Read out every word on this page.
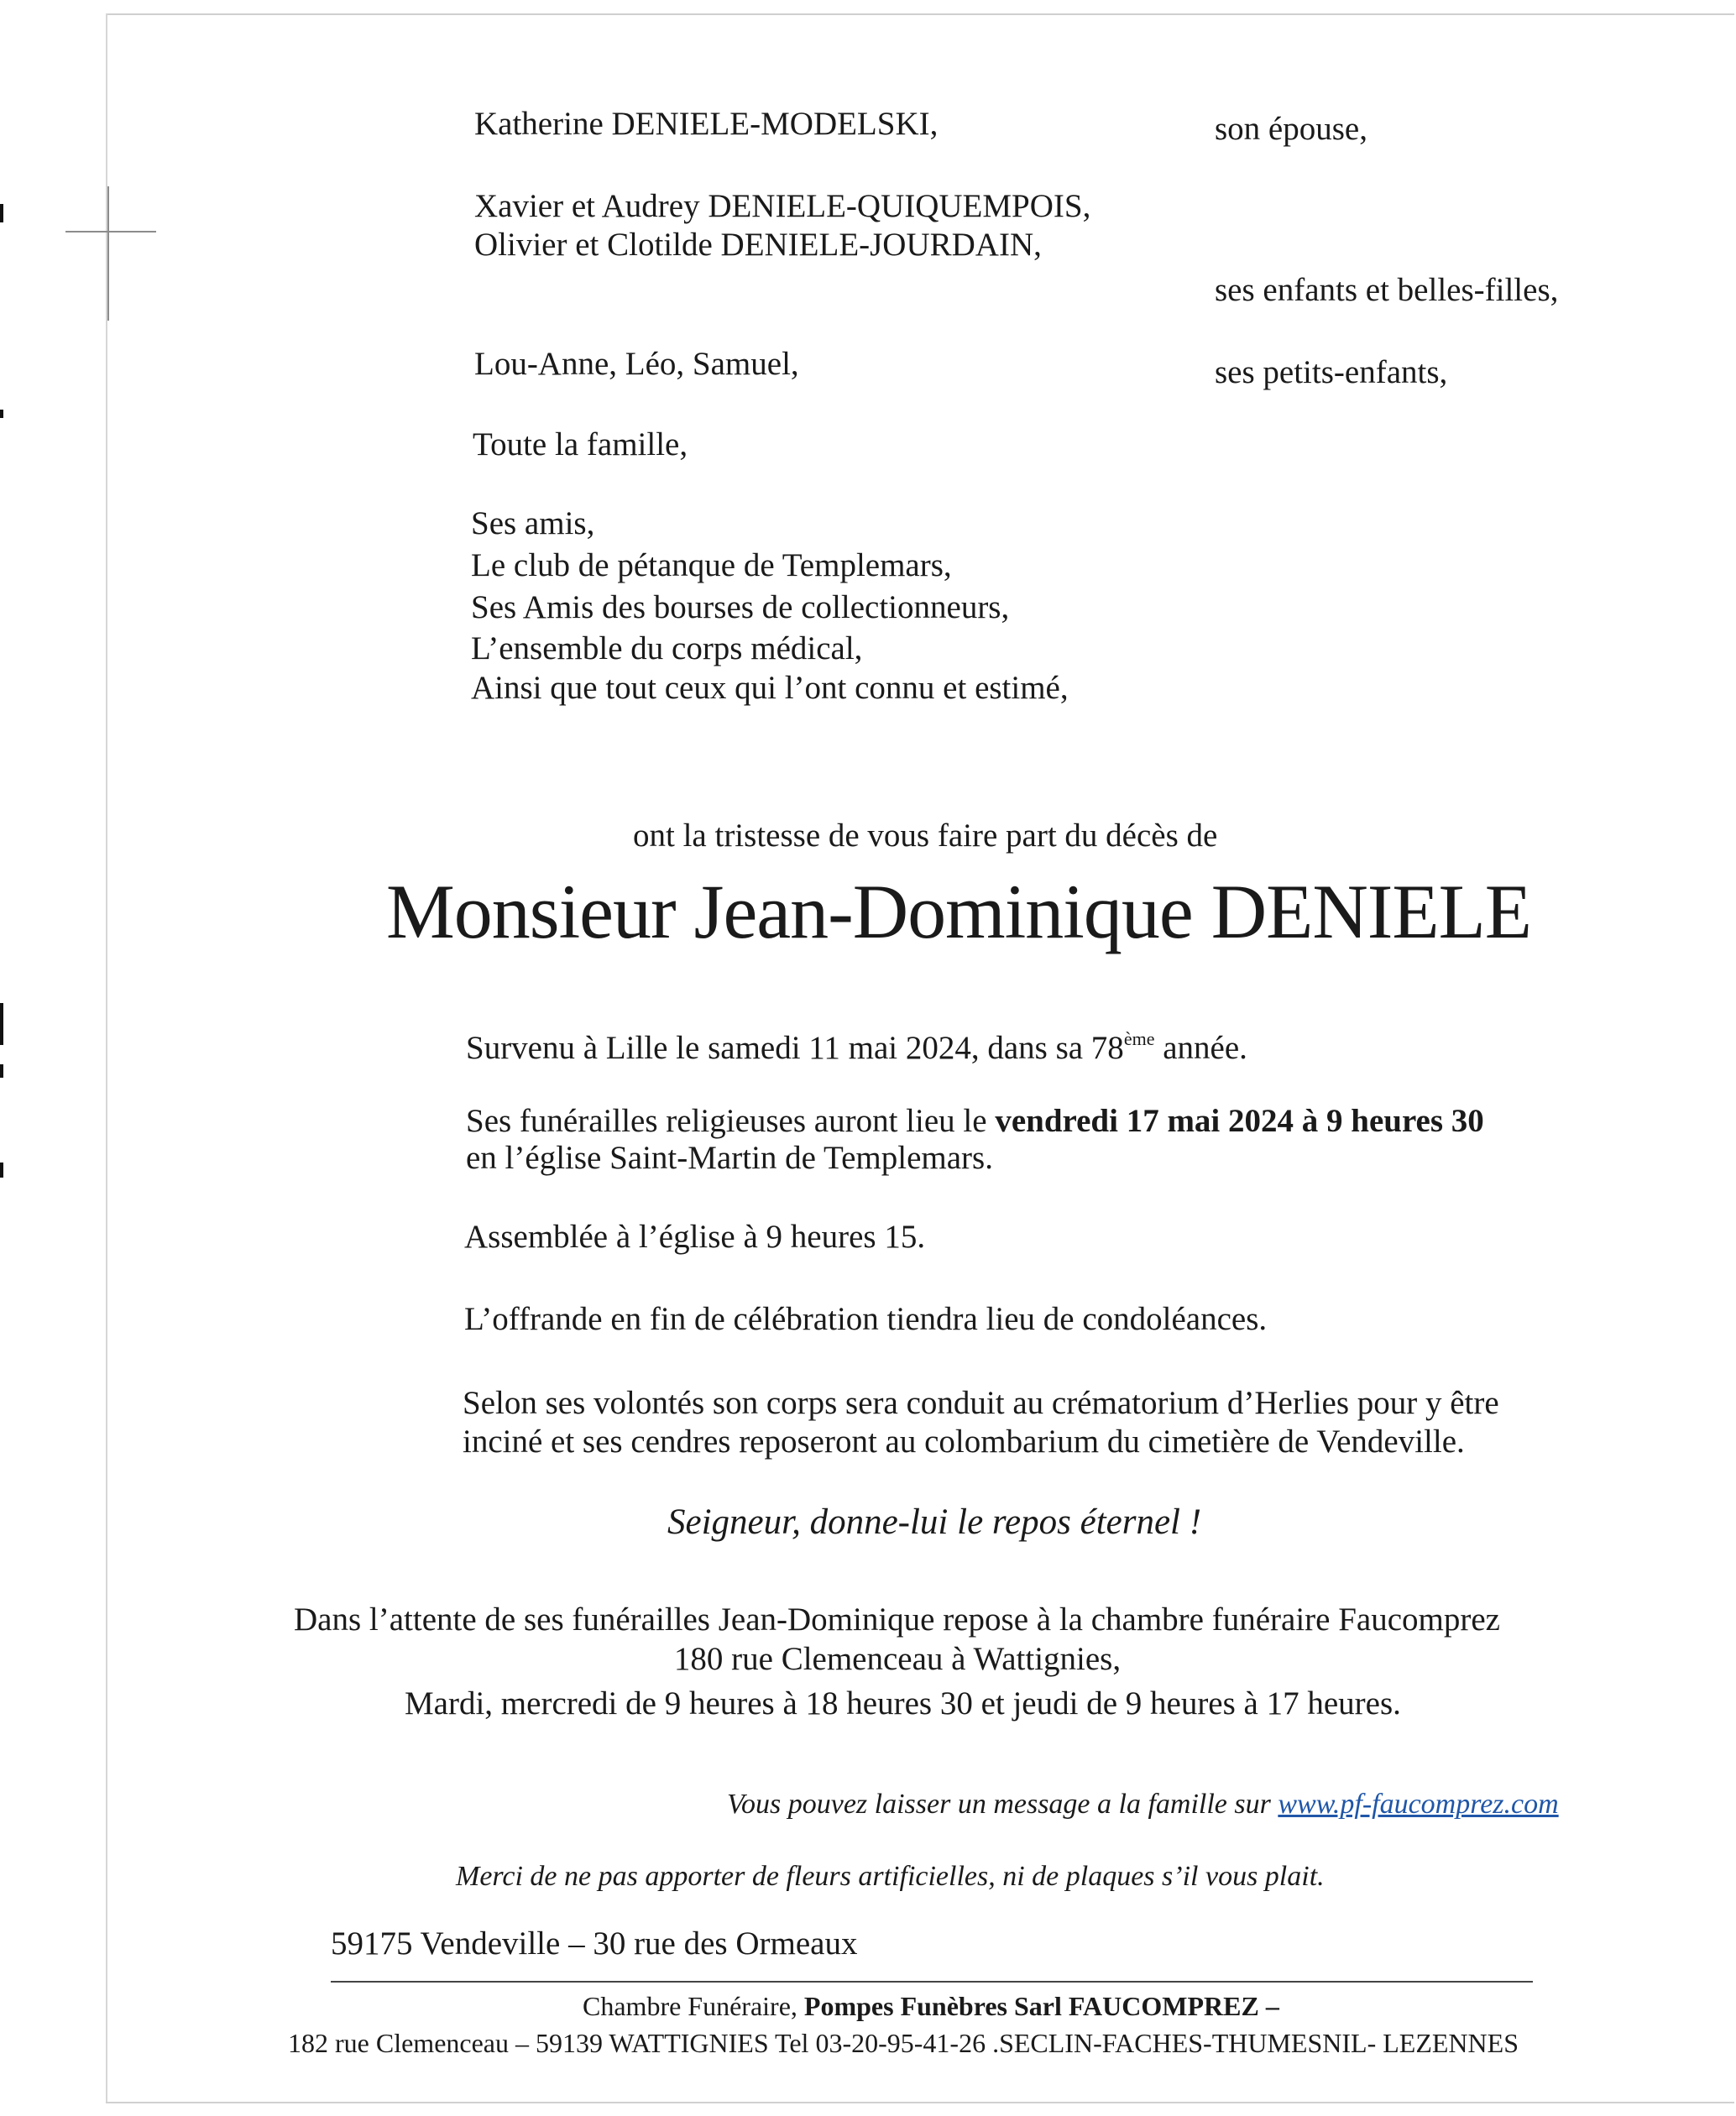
Katherine DENIELE-MODELSKI,	son épouse,
Xavier et Audrey DENIELE-QUIQUEMPOIS,
Olivier et Clotilde DENIELE-JOURDAIN,
ses enfants et belles-filles,
Lou-Anne, Léo, Samuel,	ses petits-enfants,
Toute la famille,
Ses amis,
Le club de pétanque de Templemars,
Ses Amis des bourses de collectionneurs,
L’ensemble du corps médical,
Ainsi que tout ceux qui l’ont connu et estimé,
ont la tristesse de vous faire part du décès de
Monsieur Jean-Dominique DENIELE
Survenu à Lille le samedi 11 mai 2024, dans sa 78ème année.
Ses funérailles religieuses auront lieu le vendredi 17 mai 2024 à 9 heures 30
en l’église Saint-Martin de Templemars.
Assemblée à l’église à 9 heures 15.
L’offrande en fin de célébration tiendra lieu de condoléances.
Selon ses volontés son corps sera conduit au crématorium d’Herlies pour y être
inciné et ses cendres reposeront au colombarium du cimetière de Vendeville.
Seigneur, donne-lui le repos éternel !
Dans l’attente de ses funérailles Jean-Dominique repose à la chambre funéraire Faucomprez
180 rue Clemenceau à Wattignies,
Mardi, mercredi de 9 heures à 18 heures 30 et jeudi de 9 heures à 17 heures.
Vous pouvez laisser un message a la famille sur www.pf-faucomprez.com
Merci de ne pas apporter de fleurs artificielles, ni de plaques s’il vous plait.
59175 Vendeville – 30 rue des Ormeaux
Chambre Funéraire, Pompes Funèbres Sarl FAUCOMPREZ –
182 rue Clemenceau – 59139 WATTIGNIES Tel 03-20-95-41-26 .SECLIN-FACHES-THUMESNIL- LEZENNES
